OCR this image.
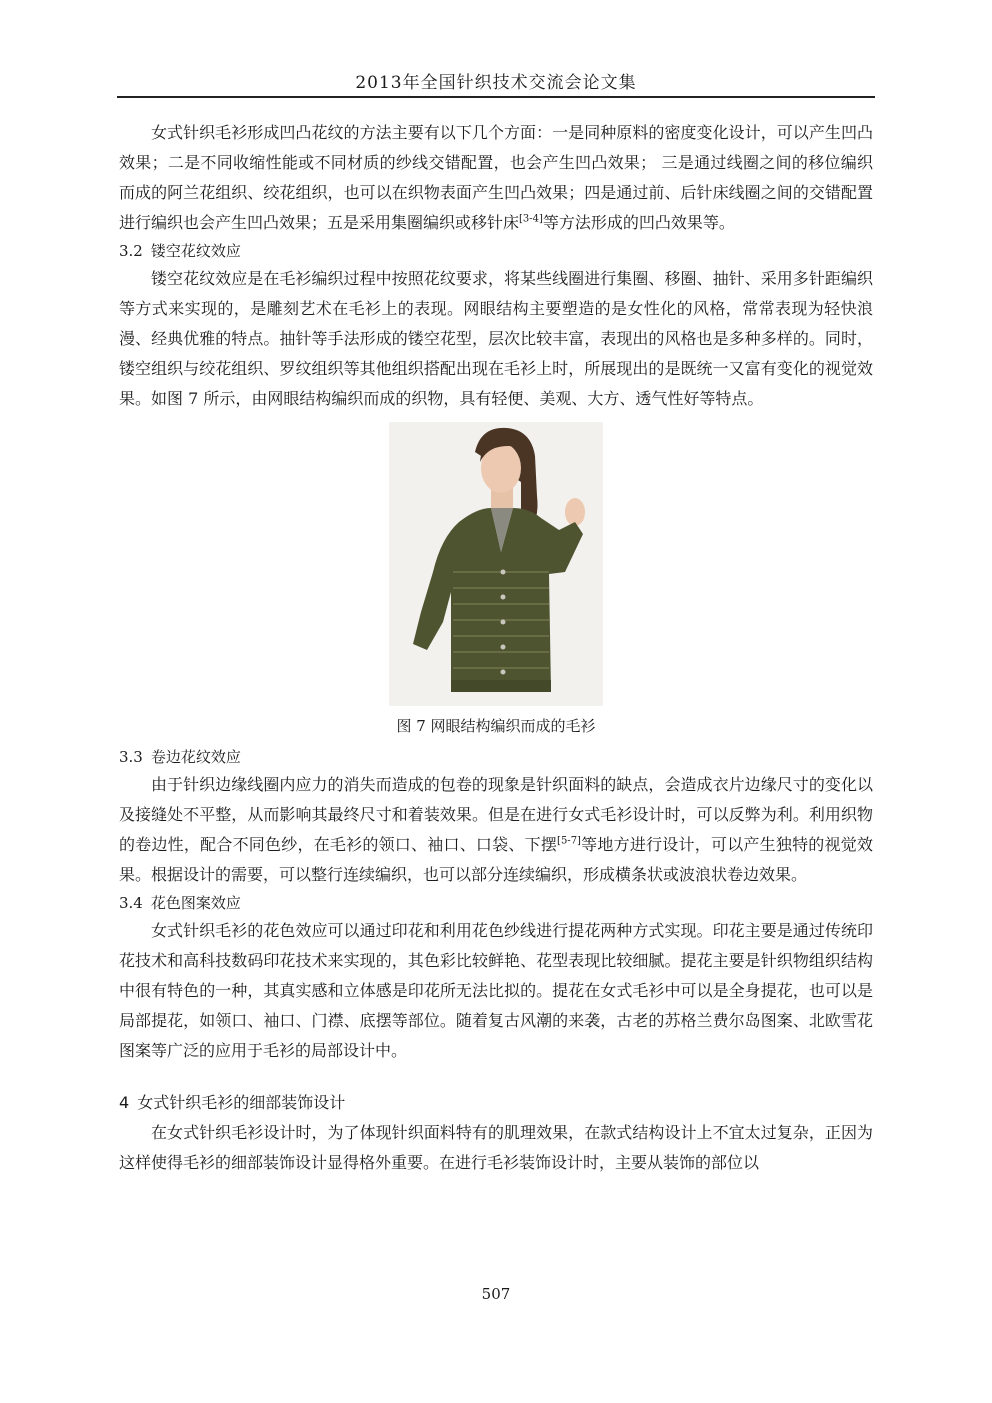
2013年全国针织技术交流会论文集

女式针织毛衫形成凹凸花纹的方法主要有以下几个方面：一是同种原料的密度变化设计，可以产生凹凸效果；二是不同收缩性能或不同材质的纱线交错配置，也会产生凹凸效果； 三是通过线圈之间的移位编织而成的阿兰花组织、绞花组织，也可以在织物表面产生凹凸效果；四是通过前、后针床线圈之间的交错配置进行编织也会产生凹凸效果；五是采用集圈编织或移针床[3-4]等方法形成的凹凸效果等。

3.2 镂空花纹效应

镂空花纹效应是在毛衫编织过程中按照花纹要求，将某些线圈进行集圈、移圈、抽针、采用多针距编织等方式来实现的，是雕刻艺术在毛衫上的表现。网眼结构主要塑造的是女性化的风格，常常表现为轻快浪漫、经典优雅的特点。抽针等手法形成的镂空花型，层次比较丰富，表现出的风格也是多种多样的。同时，镂空组织与绞花组织、罗纹组织等其他组织搭配出现在毛衫上时，所展现出的是既统一又富有变化的视觉效果。如图 7 所示，由网眼结构编织而成的织物，具有轻便、美观、大方、透气性好等特点。

图 7 网眼结构编织而成的毛衫

3.3 卷边花纹效应

由于针织边缘线圈内应力的消失而造成的包卷的现象是针织面料的缺点，会造成衣片边缘尺寸的变化以及接缝处不平整，从而影响其最终尺寸和着装效果。但是在进行女式毛衫设计时，可以反弊为利。利用织物的卷边性，配合不同色纱，在毛衫的领口、袖口、口袋、下摆[5-7]等地方进行设计，可以产生独特的视觉效果。根据设计的需要，可以整行连续编织，也可以部分连续编织，形成横条状或波浪状卷边效果。

3.4 花色图案效应

女式针织毛衫的花色效应可以通过印花和利用花色纱线进行提花两种方式实现。印花主要是通过传统印花技术和高科技数码印花技术来实现的，其色彩比较鲜艳、花型表现比较细腻。提花主要是针织物组织结构中很有特色的一种，其真实感和立体感是印花所无法比拟的。提花在女式毛衫中可以是全身提花，也可以是局部提花，如领口、袖口、门襟、底摆等部位。随着复古风潮的来袭，古老的苏格兰费尔岛图案、北欧雪花图案等广泛的应用于毛衫的局部设计中。

4 女式针织毛衫的细部装饰设计

在女式针织毛衫设计时，为了体现针织面料特有的肌理效果，在款式结构设计上不宜太过复杂，正因为这样使得毛衫的细部装饰设计显得格外重要。在进行毛衫装饰设计时，主要从装饰的部位以

507
